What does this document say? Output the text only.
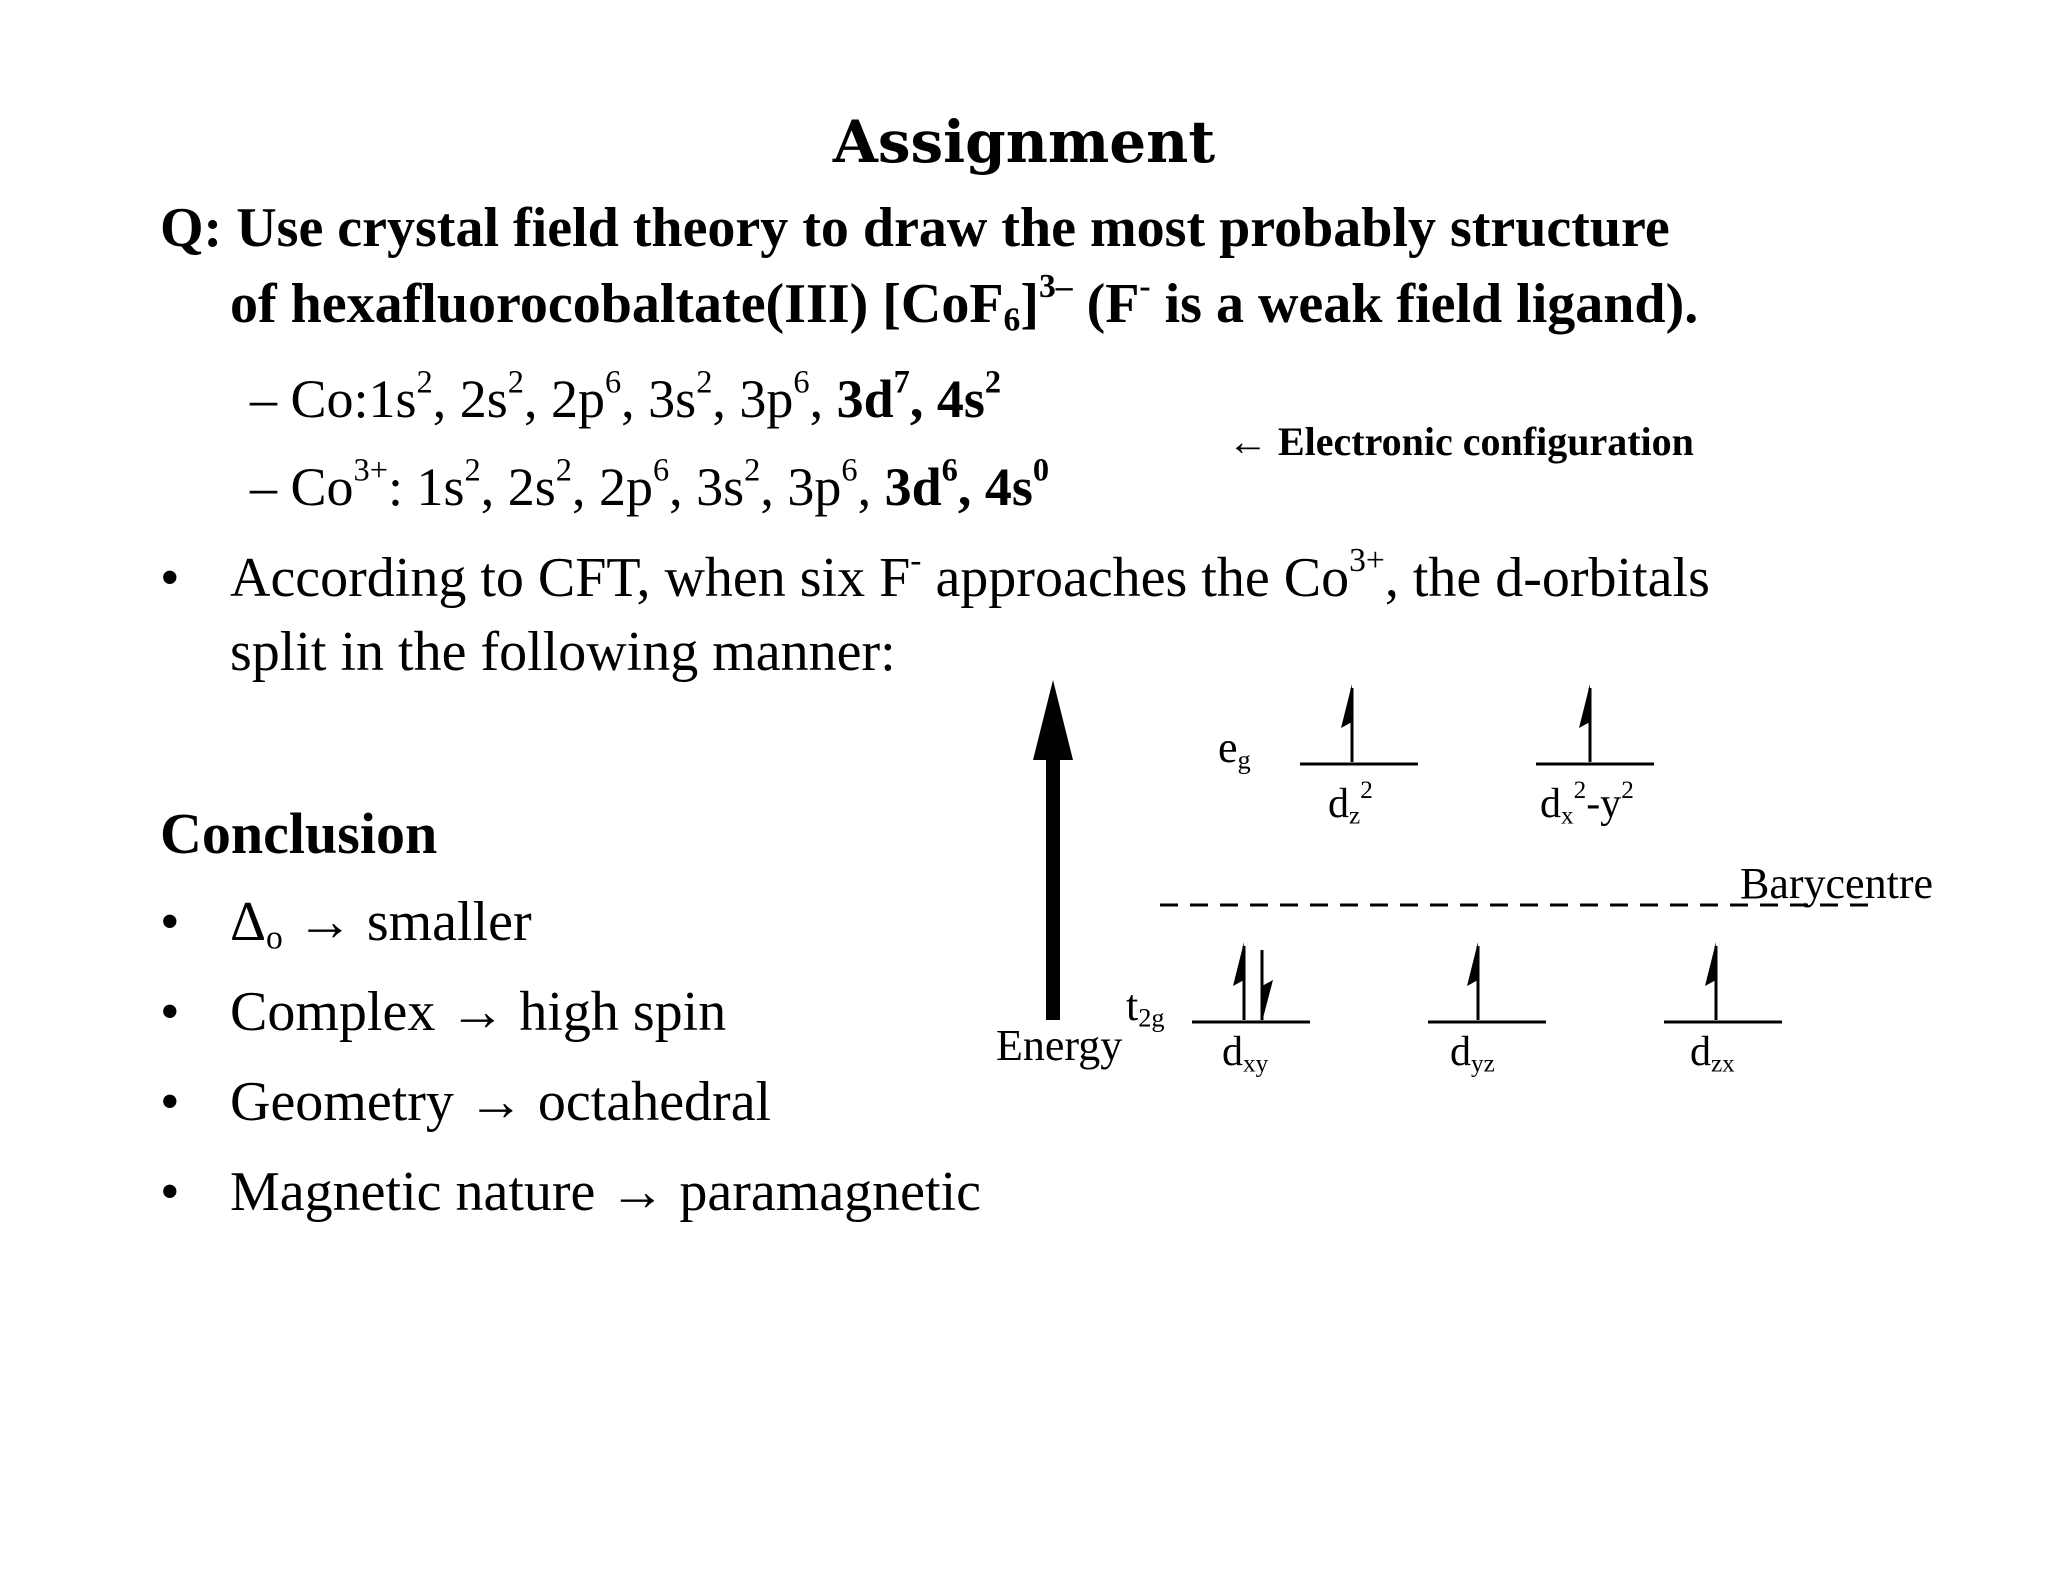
Assignment
Q: Use crystal field theory to draw the most probably structure
of hexafluorocobaltate(III) $[CoF_6]^{3-}$ (F- is a weak field ligand).
– $Co:1s^2$, $2s^2$, $2p^6$, $3s^2$, $3p^6$, $3d^7$, $4s^2$
– $Co^{3+}$: $1s^2$, $2s^2$, $2p^6$, $3s^2$, $3p^6$, $3d^6$, $4s^0$
← Electronic configuration
• According to CFT, when six F- approaches the $Co^{3+}$, the d-orbitals
split in the following manner:
Conclusion
• $\Delta_o$ → smaller
• Complex → high spin
• Geometry → octahedral
• Magnetic nature → paramagnetic
$e_g$
$t_{2g}$
Energy
Barycentre
$d_z^2$	$d_x^2-y^2$
$d_{xy}$	$d_{yz}$	$d_{zx}$
